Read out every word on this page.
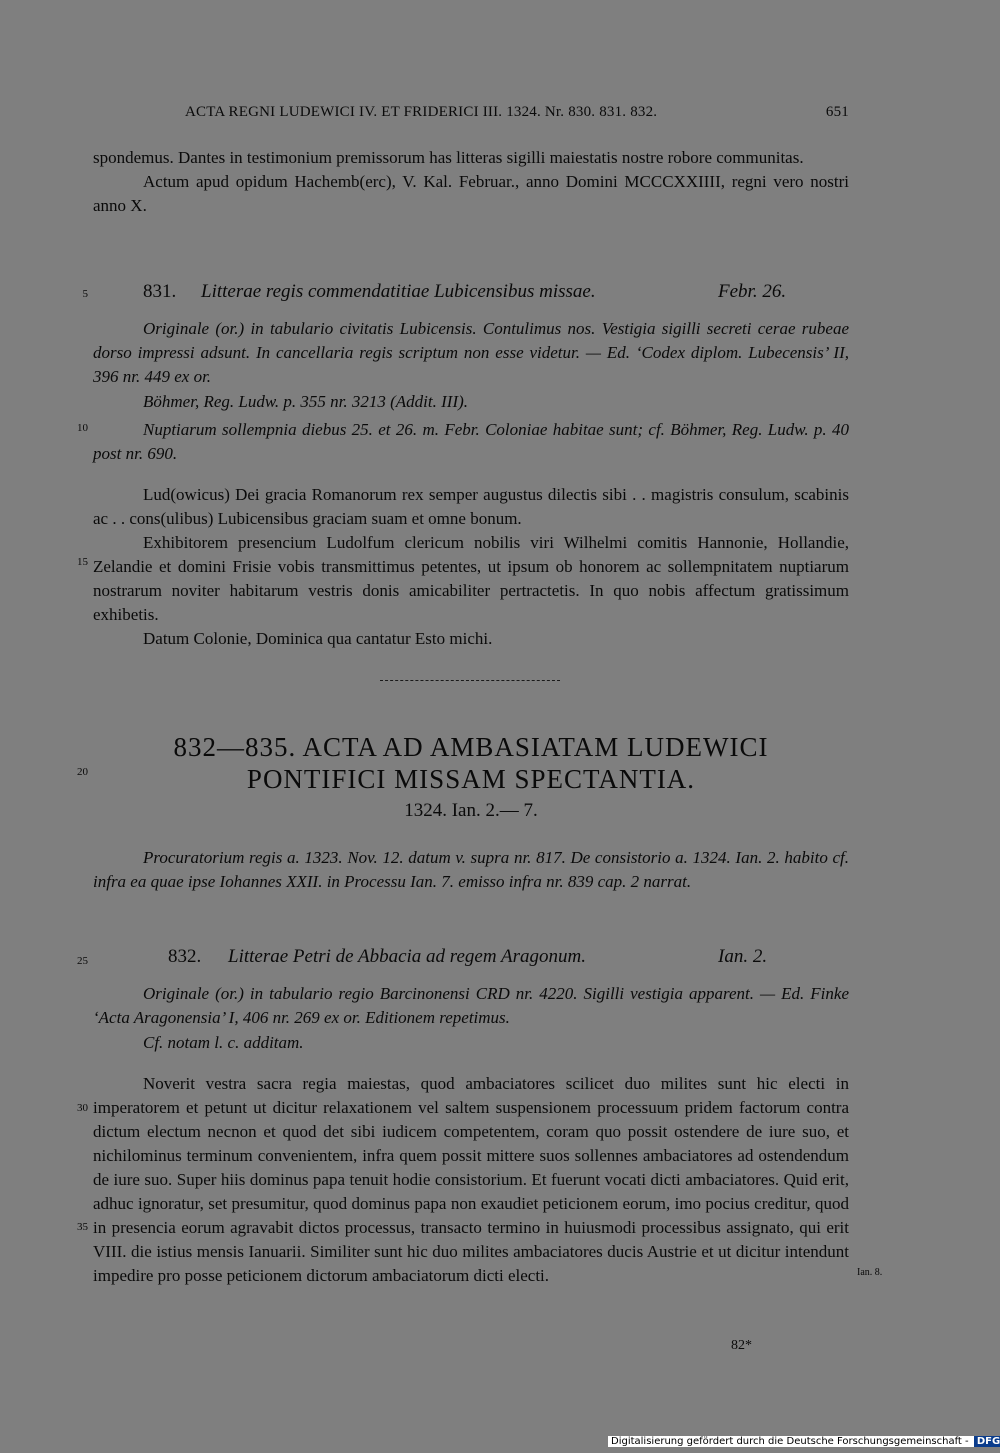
ACTA REGNI LUDEWICI IV. ET FRIDERICI III. 1324. Nr. 830. 831. 832.	651

spondemus. Dantes in testimonium premissorum has litteras sigilli maiestatis nostre robore communitas.

Actum apud opidum Hachemb(erc), V. Kal. Februar., anno Domini MCCCXXIIII, regni vero nostri anno X.

5
10
15
20
25
30
35
831. Litterae regis commendatitiae Lubicensibus missae.	Febr. 26.
Originale (or.) in tabulario civitatis Lubicensis. Contulimus nos. Vestigia sigilli secreti cerae rubeae dorso impressi adsunt. In cancellaria regis scriptum non esse videtur. — Ed. ‘Codex diplom. Lubecensis’ II, 396 nr. 449 ex or.
Böhmer, Reg. Ludw. p. 355 nr. 3213 (Addit. III).
Nuptiarum sollempnia diebus 25. et 26. m. Febr. Coloniae habitae sunt; cf. Böhmer, Reg. Ludw. p. 40 post nr. 690.

Lud(owicus) Dei gracia Romanorum rex semper augustus dilectis sibi . . magistris consulum, scabinis ac . . cons(ulibus) Lubicensibus graciam suam et omne bonum.

Exhibitorem presencium Ludolfum clericum nobilis viri Wilhelmi comitis Hannonie, Hollandie, Zelandie et domini Frisie vobis transmittimus petentes, ut ipsum ob honorem ac sollempnitatem nuptiarum nostrarum noviter habitarum vestris donis amicabiliter pertractetis. In quo nobis affectum gratissimum exhibetis.

Datum Colonie, Dominica qua cantatur Esto michi.

832—835. ACTA AD AMBASIATAM LUDEWICI
PONTIFICI MISSAM SPECTANTIA.
1324. Ian. 2.— 7.
Procuratorium regis a. 1323. Nov. 12. datum v. supra nr. 817. De consistorio a. 1324. Ian. 2. habito cf. infra ea quae ipse Iohannes XXII. in Processu Ian. 7. emisso infra nr. 839 cap. 2 narrat.
832. Litterae Petri de Abbacia ad regem Aragonum.	Ian. 2.
Originale (or.) in tabulario regio Barcinonensi CRD nr. 4220. Sigilli vestigia apparent. — Ed. Finke ‘Acta Aragonensia’ I, 406 nr. 269 ex or. Editionem repetimus.
Cf. notam l. c. additam.
Noverit vestra sacra regia maiestas, quod ambaciatores scilicet duo milites sunt hic electi in imperatorem et petunt ut dicitur relaxationem vel saltem suspensionem processuum pridem factorum contra dictum electum necnon et quod det sibi iudicem competentem, coram quo possit ostendere de iure suo, et nichilominus terminum convenientem, infra quem possit mittere suos sollennes ambaciatores ad ostendendum de iure suo. Super hiis dominus papa tenuit hodie consistorium. Et fuerunt vocati dicti ambaciatores. Quid erit, adhuc ignoratur, set presumitur, quod dominus papa non exaudiet peticionem eorum, imo pocius creditur, quod in presencia eorum agravabit dictos processus, transacto termino in huiusmodi processibus assignato, qui erit VIII. die istius mensis Ianuarii. Similiter sunt hic duo milites ambaciatores ducis Austrie et ut dicitur intendunt impedire pro posse peticionem dictorum ambaciatorum dicti electi.	Ian. 8.
82*
Digitalisierung gefördert durch die Deutsche Forschungsgemeinschaft - DFG
